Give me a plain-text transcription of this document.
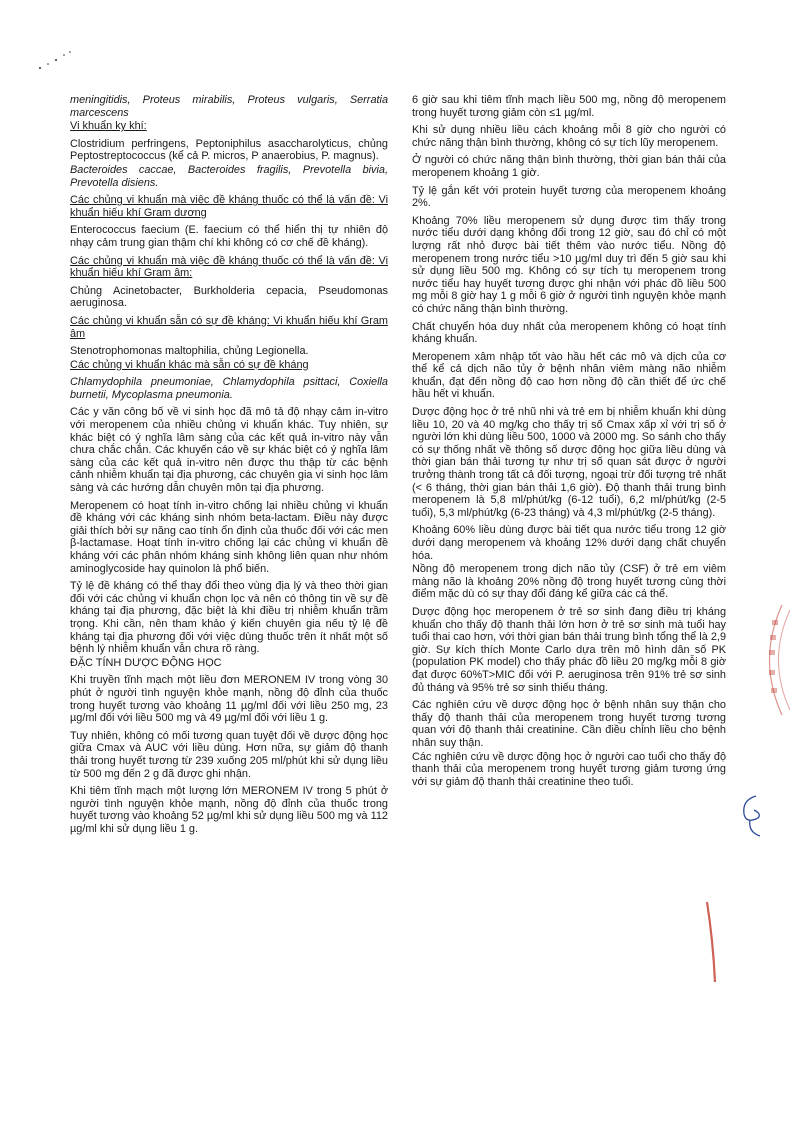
meningitidis, Proteus mirabilis, Proteus vulgaris, Serratia marcescens

Vi khuẩn kỵ khí:

Clostridium perfringens, Peptoniphilus asaccharolyticus, chủng Peptostreptococcus (kể cả P. micros, P anaerobius, P. magnus).

Bacteroides caccae, Bacteroides fragilis, Prevotella bivia, Prevotella disiens.

Các chủng vi khuẩn mà việc đề kháng thuốc có thể là vấn đề: Vi khuẩn hiếu khí Gram dương

Enterococcus faecium (E. faecium có thể hiển thị tự nhiên độ nhạy cảm trung gian thậm chí khi không có cơ chế đề kháng).

Các chủng vi khuẩn mà việc đề kháng thuốc có thể là vấn đề: Vi khuẩn hiếu khí Gram âm:

Chủng Acinetobacter, Burkholderia cepacia, Pseudomonas aeruginosa.

Các chủng vi khuẩn sẵn có sự đề kháng: Vi khuẩn hiếu khí Gram âm

Stenotrophomonas maltophilia, chủng Legionella.

Các chủng vi khuẩn khác mà sẵn có sự đề kháng

Chlamydophila pneumoniae, Chlamydophila psittaci, Coxiella burnetii, Mycoplasma pneumonia.

Các y văn công bố về vi sinh học đã mô tả độ nhạy cảm in-vitro với meropenem của nhiều chủng vi khuẩn khác. Tuy nhiên, sự khác biệt có ý nghĩa lâm sàng của các kết quả in-vitro này vẫn chưa chắc chắn. Các khuyến cáo về sự khác biệt có ý nghĩa lâm sàng của các kết quả in-vitro nên được thu thập từ các bệnh cảnh nhiễm khuẩn tại địa phương, các chuyên gia vi sinh học lâm sàng và các hướng dẫn chuyên môn tại địa phương.

Meropenem có hoạt tính in-vitro chống lại nhiều chủng vi khuẩn đề kháng với các kháng sinh nhóm beta-lactam. Điều này được giải thích bởi sự năng cao tính ổn định của thuốc đối với các men β-lactamase. Hoạt tính in-vitro chống lại các chủng vi khuẩn đề kháng với các phân nhóm kháng sinh không liên quan như nhóm aminoglycoside hay quinolon là phổ biến.

Tỷ lệ đề kháng có thể thay đổi theo vùng địa lý và theo thời gian đối với các chủng vi khuẩn chọn lọc và nên có thông tin về sự đề kháng tại địa phương, đặc biệt là khi điều trị nhiễm khuẩn trầm trọng. Khi cần, nên tham khảo ý kiến chuyên gia nếu tỷ lệ đề kháng tại địa phương đối với việc dùng thuốc trên ít nhất một số bệnh lý nhiễm khuẩn vẫn chưa rõ ràng.

ĐẶC TÍNH DƯỢC ĐỘNG HỌC

Khi truyền tĩnh mạch một liều đơn MERONEM IV trong vòng 30 phút ở người tình nguyện khỏe mạnh, nồng độ đỉnh của thuốc trong huyết tương vào khoảng 11 µg/ml đối với liều 250 mg, 23 µg/ml đối với liều 500 mg và 49 µg/ml đối với liều 1 g.

Tuy nhiên, không có mối tương quan tuyệt đối về dược động học giữa Cmax và AUC với liều dùng. Hơn nữa, sự giảm độ thanh thải trong huyết tương từ 239 xuống 205 ml/phút khi sử dụng liều từ 500 mg đến 2 g đã được ghi nhận.

Khi tiêm tĩnh mạch một lượng lớn MERONEM IV trong 5 phút ở người tình nguyện khỏe mạnh, nồng độ đỉnh của thuốc trong huyết tương vào khoảng 52 µg/ml khi sử dụng liều 500 mg và 112 µg/ml khi sử dụng liều 1 g.

6 giờ sau khi tiêm tĩnh mạch liều 500 mg, nồng độ meropenem trong huyết tương giảm còn ≤1 µg/ml.

Khi sử dụng nhiều liều cách khoảng mỗi 8 giờ cho người có chức năng thận bình thường, không có sự tích lũy meropenem.

Ở người có chức năng thận bình thường, thời gian bán thải của meropenem khoảng 1 giờ.

Tỷ lệ gắn kết với protein huyết tương của meropenem khoảng 2%.

Khoảng 70% liều meropenem sử dụng được tìm thấy trong nước tiểu dưới dạng không đổi trong 12 giờ, sau đó chỉ có một lượng rất nhỏ được bài tiết thêm vào nước tiểu. Nồng độ meropenem trong nước tiểu >10 µg/ml duy trì đến 5 giờ sau khi sử dụng liều 500 mg. Không có sự tích tụ meropenem trong nước tiểu hay huyết tương được ghi nhận với phác đồ liều 500 mg mỗi 8 giờ hay 1 g mỗi 6 giờ ở người tình nguyện khỏe mạnh có chức năng thận bình thường.

Chất chuyển hóa duy nhất của meropenem không có hoạt tính kháng khuẩn.

Meropenem xâm nhập tốt vào hầu hết các mô và dịch của cơ thể kể cả dịch não tủy ở bệnh nhân viêm màng não nhiễm khuẩn, đạt đến nồng độ cao hơn nồng độ cần thiết để ức chế hầu hết vi khuẩn.

Dược động học ở trẻ nhũ nhi và trẻ em bị nhiễm khuẩn khi dùng liều 10, 20 và 40 mg/kg cho thấy trị số Cmax xấp xỉ với trị số ở người lớn khi dùng liều 500, 1000 và 2000 mg. So sánh cho thấy có sự thống nhất về thông số dược động học giữa liều dùng và thời gian bán thải tương tự như trị số quan sát được ở người trưởng thành trong tất cả đối tượng, ngoại trừ đối tượng trẻ nhất (< 6 tháng, thời gian bán thải 1,6 giờ). Độ thanh thải trung bình meropenem là 5,8 ml/phút/kg (6-12 tuổi), 6,2 ml/phút/kg (2-5 tuổi), 5,3 ml/phút/kg (6-23 tháng) và 4,3 ml/phút/kg (2-5 tháng).

Khoảng 60% liều dùng được bài tiết qua nước tiểu trong 12 giờ dưới dạng meropenem và khoảng 12% dưới dạng chất chuyển hóa.

Nồng độ meropenem trong dịch não tủy (CSF) ở trẻ em viêm màng não là khoảng 20% nồng độ trong huyết tương cùng thời điểm mặc dù có sự thay đổi đáng kể giữa các cá thể.

Dược động học meropenem ở trẻ sơ sinh đang điều trị kháng khuẩn cho thấy độ thanh thải lớn hơn ở trẻ sơ sinh mà tuổi hay tuổi thai cao hơn, với thời gian bán thải trung bình tổng thể là 2,9 giờ. Sự kích thích Monte Carlo dựa trên mô hình dân số PK (population PK model) cho thấy phác đồ liều 20 mg/kg mỗi 8 giờ đạt được 60%T>MIC đối với P. aeruginosa trên 91% trẻ sơ sinh đủ tháng và 95% trẻ sơ sinh thiếu tháng.

Các nghiên cứu về dược động học ở bệnh nhân suy thận cho thấy độ thanh thải của meropenem trong huyết tương tương quan với độ thanh thải creatinine. Cần điều chỉnh liều cho bệnh nhân suy thận.

Các nghiên cứu về dược động học ở người cao tuổi cho thấy độ thanh thải của meropenem trong huyết tương giảm tương ứng với sự giảm độ thanh thải creatinine theo tuổi.
